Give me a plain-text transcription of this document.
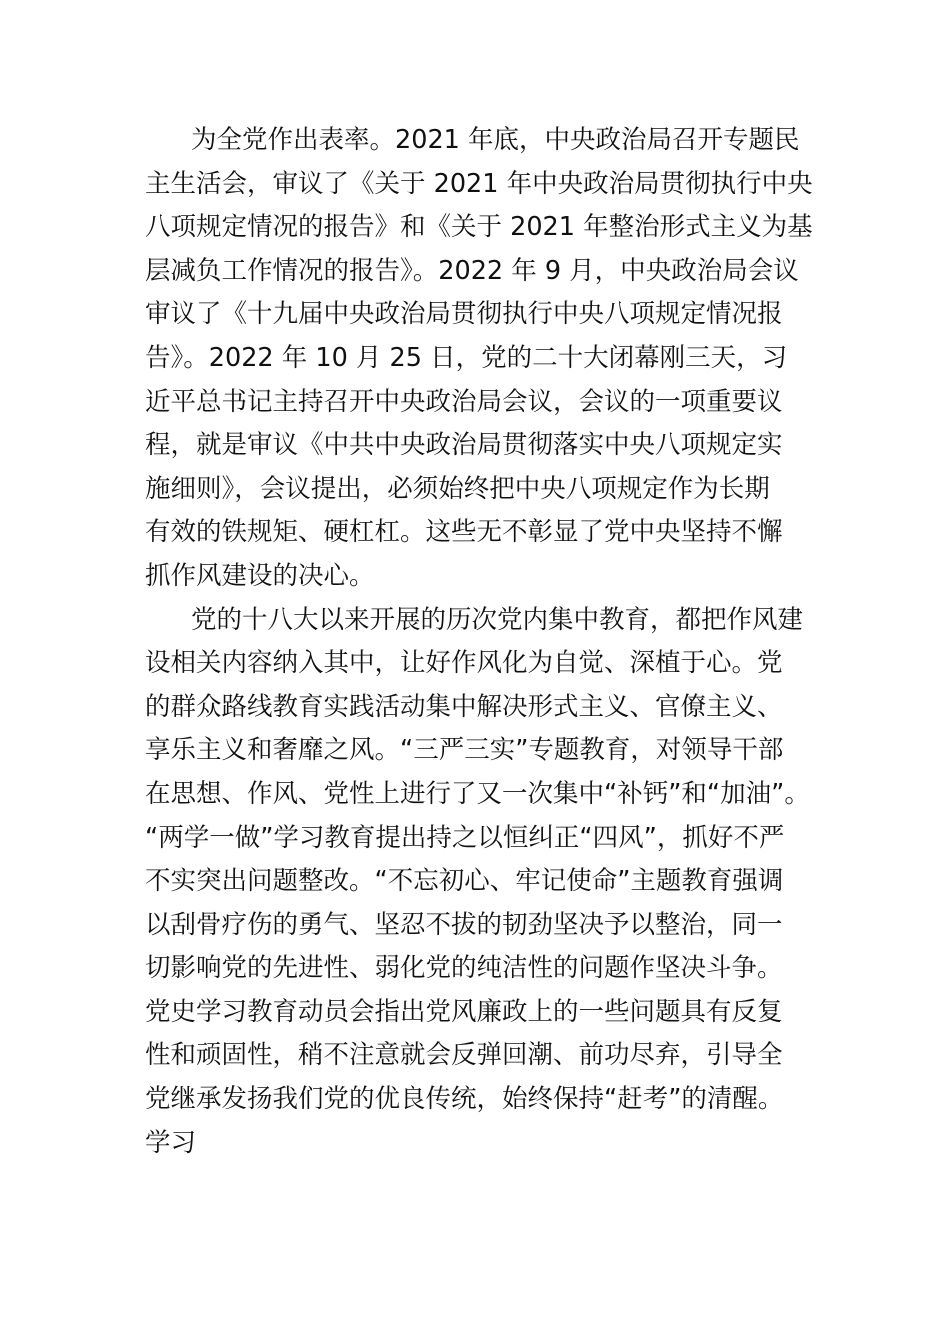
为全党作出表率。2021 年底，中央政治局召开专题民
主生活会，审议了《关于 2021 年中央政治局贯彻执行中央
八项规定情况的报告》和《关于 2021 年整治形式主义为基
层减负工作情况的报告》。2022 年 9 月，中央政治局会议
审议了《十九届中央政治局贯彻执行中央八项规定情况报
告》。2022 年 10 月 25 日，党的二十大闭幕刚三天，习
近平总书记主持召开中央政治局会议，会议的一项重要议
程，就是审议《中共中央政治局贯彻落实中央八项规定实
施细则》，会议提出，必须始终把中央八项规定作为长期
有效的铁规矩、硬杠杠。这些无不彰显了党中央坚持不懈
抓作风建设的决心。
党的十八大以来开展的历次党内集中教育，都把作风建
设相关内容纳入其中，让好作风化为自觉、深植于心。党
的群众路线教育实践活动集中解决形式主义、官僚主义、
享乐主义和奢靡之风。“三严三实”专题教育，对领导干部
在思想、作风、党性上进行了又一次集中“补钙”和“加油”。
“两学一做”学习教育提出持之以恒纠正“四风”，抓好不严
不实突出问题整改。“不忘初心、牢记使命”主题教育强调
以刮骨疗伤的勇气、坚忍不拔的韧劲坚决予以整治，同一
切影响党的先进性、弱化党的纯洁性的问题作坚决斗争。
党史学习教育动员会指出党风廉政上的一些问题具有反复
性和顽固性，稍不注意就会反弹回潮、前功尽弃，引导全
党继承发扬我们党的优良传统，始终保持“赶考”的清醒。
学习
